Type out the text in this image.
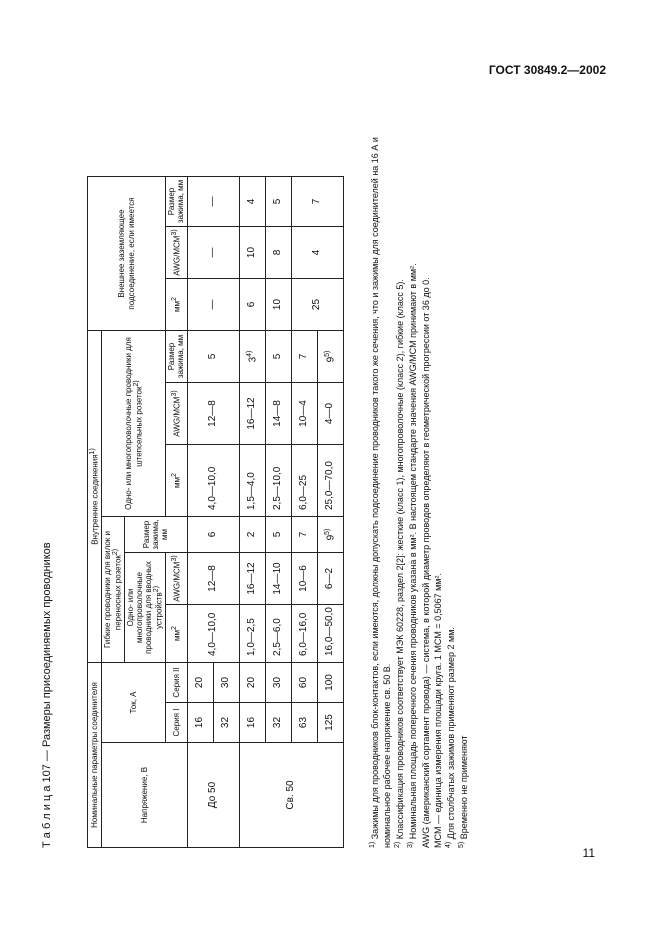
ГОСТ 30849.2—2002
Т а б л и ц а 107 — Размеры присоединяемых проводников	Номинальные параметры соединителя			Внутренние соединения$^{1)}$						Внешнее заземляющее подсоединение, если имеется		
Напряжение, В	Ток, А		Гибкие проводники для вилок и переносных розеток$^{2)}$			Одно- или многопроволочные проводники для штепсельных розеток$^{2)}$
			Одно- или многопроволочные проводники для вводных устройств$^{2)}$		Размер зажима, мм						
	Серия I	Серия II	$мм^2$	AWG/MCM$^{3)}$		$мм^2$	AWG/MCM$^{3)}$	Размер зажима, мм	$мм^2$	AWG/MCM$^{3)}$	Размер зажима, мм
До 50	16	20	4,0—10,0	12—8	6	4,0—10,0	12—8	5	—	—	—
	32	30									
Св. 50	16	20	1,0—2,5	16—12	2	1,5—4,0	16—12	3$^{4)}$	6	10	4
	32	30	2,5—6,0	14—10	5	2,5—10,0	14—8	5	10	8	5
	63	60	6,0—16,0	10—6	7	6,0—25	10—4	7	25	4	7
	125	100	16,0—50,0	6—2	9$^{5)}$	25,0—70,0	4—0	9$^{5)}$
$^{1)}$ Зажимы для проводников блок-контактов, если имеются, должны допускать подсоединение проводников такого же сечения, что и зажимы для соединителей на 16 А и номинальное рабочее напряжение св. 50 В. $^{2)}$ Классификация проводников соответствует МЭК 60228, раздел 2[2]: жесткие (класс 1), многопроволочные (класс 2), гибкие (класс 5).
$^{3)}$ Номинальная площадь поперечного сечения проводников указана в мм². В настоящем стандарте значения AWG/MCM принимают в мм². AWG (американский сортамент провода) — система, в которой диаметр проводов определяют в геометрической прогрессии от 36 до 0. MCM — единица измерения площади круга. 1 MCM = 0,5067 мм². $^{4)}$ Для столбчатых зажимов применяют размер 2 мм.
$^{5)}$ Временно не применяют
11
